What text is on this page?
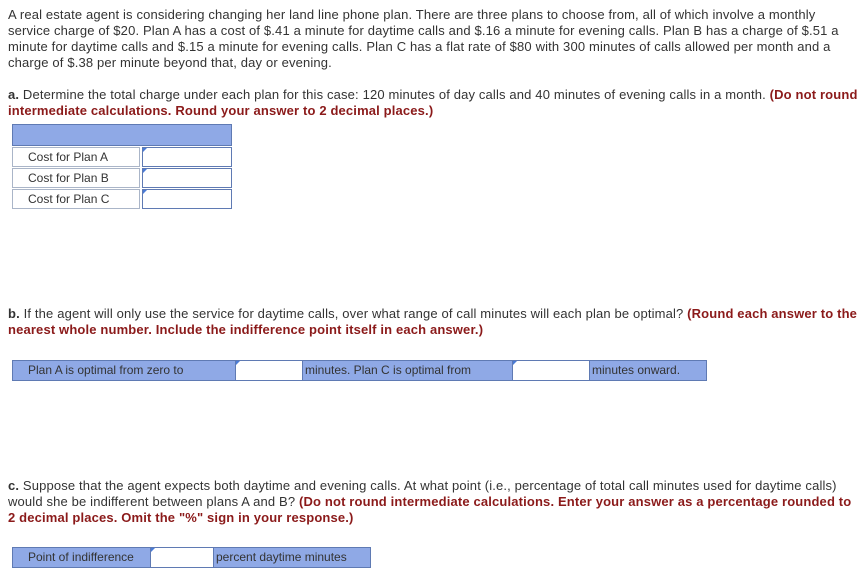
A real estate agent is considering changing her land line phone plan. There are three plans to choose from, all of which involve a monthly service charge of $20. Plan A has a cost of $.41 a minute for daytime calls and $.16 a minute for evening calls. Plan B has a charge of $.51 a minute for daytime calls and $.15 a minute for evening calls. Plan C has a flat rate of $80 with 300 minutes of calls allowed per month and a charge of $.38 per minute beyond that, day or evening.
a. Determine the total charge under each plan for this case: 120 minutes of day calls and 40 minutes of evening calls in a month. (Do not round intermediate calculations. Round your answer to 2 decimal places.)
Cost for Plan A
Cost for Plan B
Cost for Plan C
b. If the agent will only use the service for daytime calls, over what range of call minutes will each plan be optimal? (Round each answer to the nearest whole number. Include the indifference point itself in each answer.)
Plan A is optimal from zero to	minutes. Plan C is optimal from	minutes onward.
c. Suppose that the agent expects both daytime and evening calls. At what point (i.e., percentage of total call minutes used for daytime calls) would she be indifferent between plans A and B? (Do not round intermediate calculations. Enter your answer as a percentage rounded to 2 decimal places. Omit the "%" sign in your response.)
Point of indifference	percent daytime minutes
